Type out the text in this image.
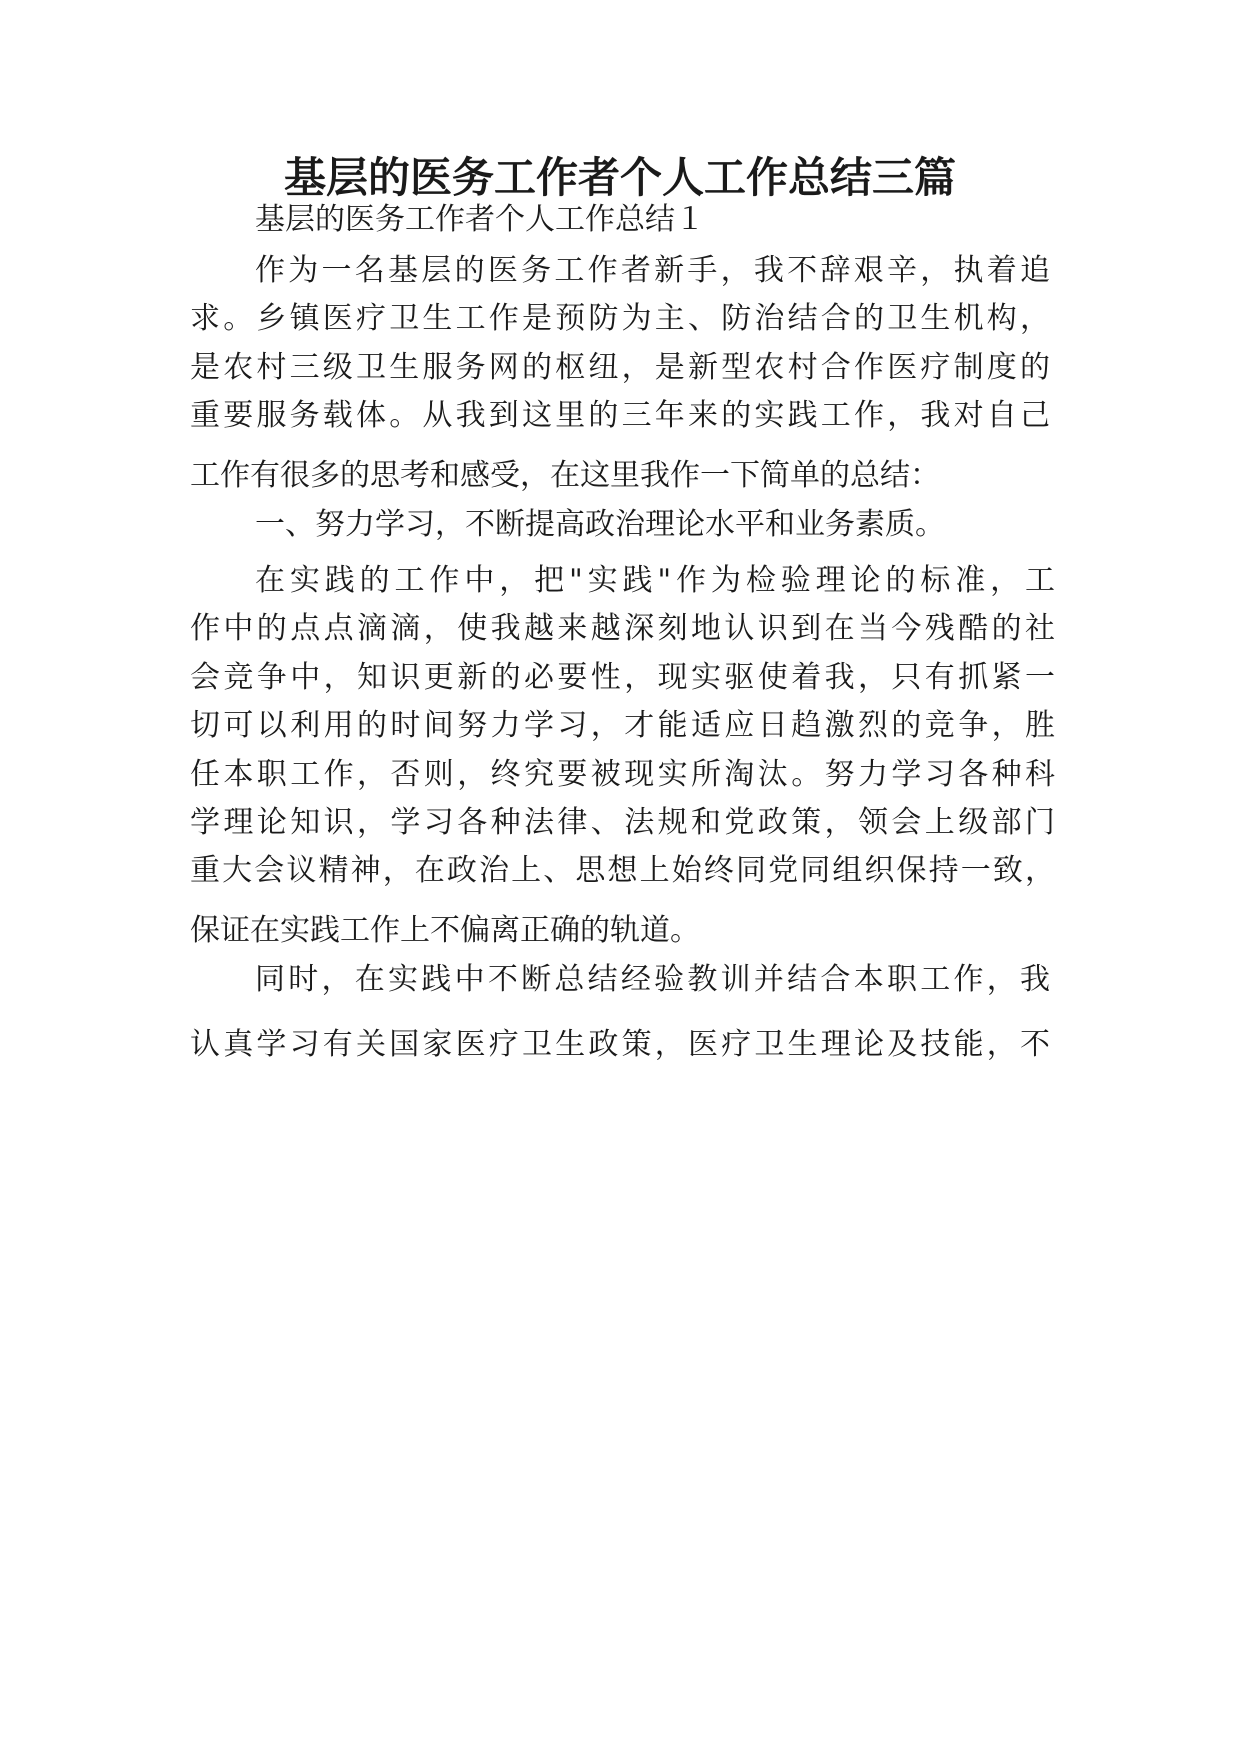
基层的医务工作者个人工作总结三篇
基层的医务工作者个人工作总结１
作为一名基层的医务工作者新手，我不辞艰辛，执着追
求。乡镇医疗卫生工作是预防为主、防治结合的卫生机构，
是农村三级卫生服务网的枢纽，是新型农村合作医疗制度的
重要服务载体。从我到这里的三年来的实践工作，我对自己
工作有很多的思考和感受，在这里我作一下简单的总结：
一、努力学习，不断提高政治理论水平和业务素质。
在实践的工作中，把"实践"作为检验理论的标准，工
作中的点点滴滴，使我越来越深刻地认识到在当今残酷的社
会竞争中，知识更新的必要性，现实驱使着我，只有抓紧一
切可以利用的时间努力学习，才能适应日趋激烈的竞争，胜
任本职工作，否则，终究要被现实所淘汰。努力学习各种科
学理论知识，学习各种法律、法规和党政策，领会上级部门
重大会议精神，在政治上、思想上始终同党同组织保持一致，
保证在实践工作上不偏离正确的轨道。
同时，在实践中不断总结经验教训并结合本职工作，我
认真学习有关国家医疗卫生政策，医疗卫生理论及技能，不
